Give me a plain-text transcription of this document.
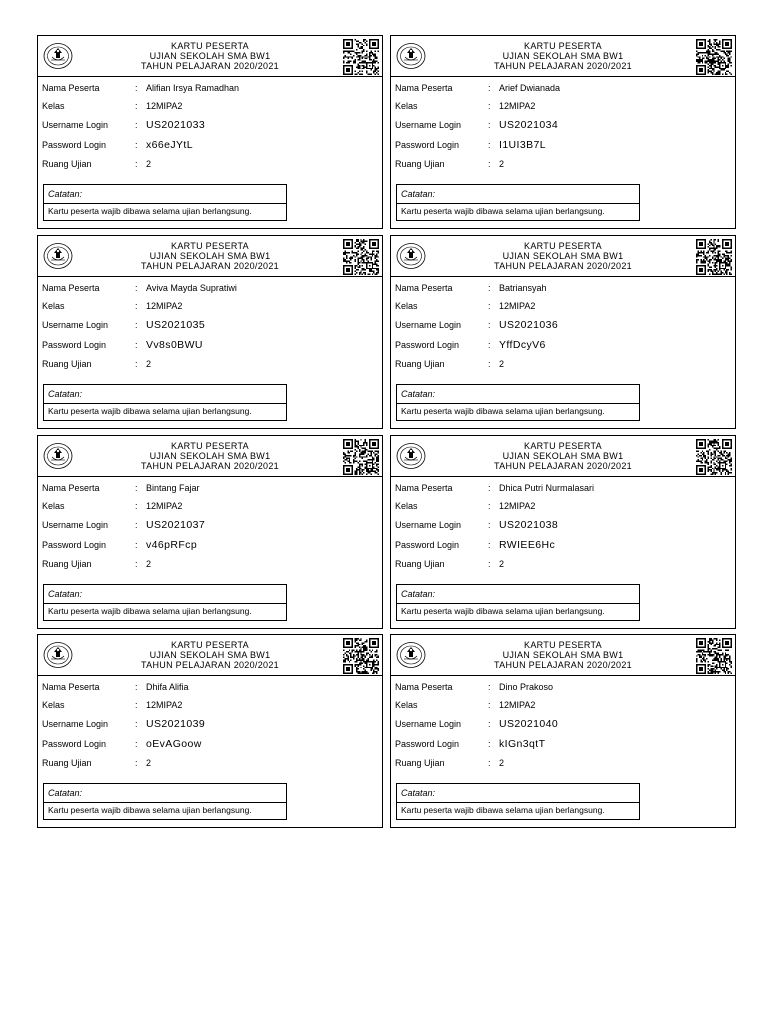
KARTU PESERTA
UJIAN SEKOLAH SMA BW1
TAHUN PELAJARAN 2020/2021
Nama Peserta	: Alifian Irsya Ramadhan
Kelas	: 12MIPA2
Username Login	: US2021033
Password Login	: x66eJYtL
Ruang Ujian	: 2
Catatan:
Kartu peserta wajib dibawa selama ujian berlangsung.
KARTU PESERTA
UJIAN SEKOLAH SMA BW1
TAHUN PELAJARAN 2020/2021
Nama Peserta	: Arief Dwianada
Kelas	: 12MIPA2
Username Login	: US2021034
Password Login	: I1UI3B7L
Ruang Ujian	: 2
Catatan:
Kartu peserta wajib dibawa selama ujian berlangsung.
KARTU PESERTA
UJIAN SEKOLAH SMA BW1
TAHUN PELAJARAN 2020/2021
Nama Peserta	: Aviva Mayda Supratiwi
Kelas	: 12MIPA2
Username Login	: US2021035
Password Login	: Vv8s0BWU
Ruang Ujian	: 2
Catatan:
Kartu peserta wajib dibawa selama ujian berlangsung.
KARTU PESERTA
UJIAN SEKOLAH SMA BW1
TAHUN PELAJARAN 2020/2021
Nama Peserta	: Batriansyah
Kelas	: 12MIPA2
Username Login	: US2021036
Password Login	: YffDcyV6
Ruang Ujian	: 2
Catatan:
Kartu peserta wajib dibawa selama ujian berlangsung.
KARTU PESERTA
UJIAN SEKOLAH SMA BW1
TAHUN PELAJARAN 2020/2021
Nama Peserta	: Bintang Fajar
Kelas	: 12MIPA2
Username Login	: US2021037
Password Login	: v46pRFcp
Ruang Ujian	: 2
Catatan:
Kartu peserta wajib dibawa selama ujian berlangsung.
KARTU PESERTA
UJIAN SEKOLAH SMA BW1
TAHUN PELAJARAN 2020/2021
Nama Peserta	: Dhica Putri Nurmalasari
Kelas	: 12MIPA2
Username Login	: US2021038
Password Login	: RWIEE6Hc
Ruang Ujian	: 2
Catatan:
Kartu peserta wajib dibawa selama ujian berlangsung.
KARTU PESERTA
UJIAN SEKOLAH SMA BW1
TAHUN PELAJARAN 2020/2021
Nama Peserta	: Dhifa Alifia
Kelas	: 12MIPA2
Username Login	: US2021039
Password Login	: oEvAGoow
Ruang Ujian	: 2
Catatan:
Kartu peserta wajib dibawa selama ujian berlangsung.
KARTU PESERTA
UJIAN SEKOLAH SMA BW1
TAHUN PELAJARAN 2020/2021
Nama Peserta	: Dino Prakoso
Kelas	: 12MIPA2
Username Login	: US2021040
Password Login	: kIGn3qtT
Ruang Ujian	: 2
Catatan:
Kartu peserta wajib dibawa selama ujian berlangsung.
